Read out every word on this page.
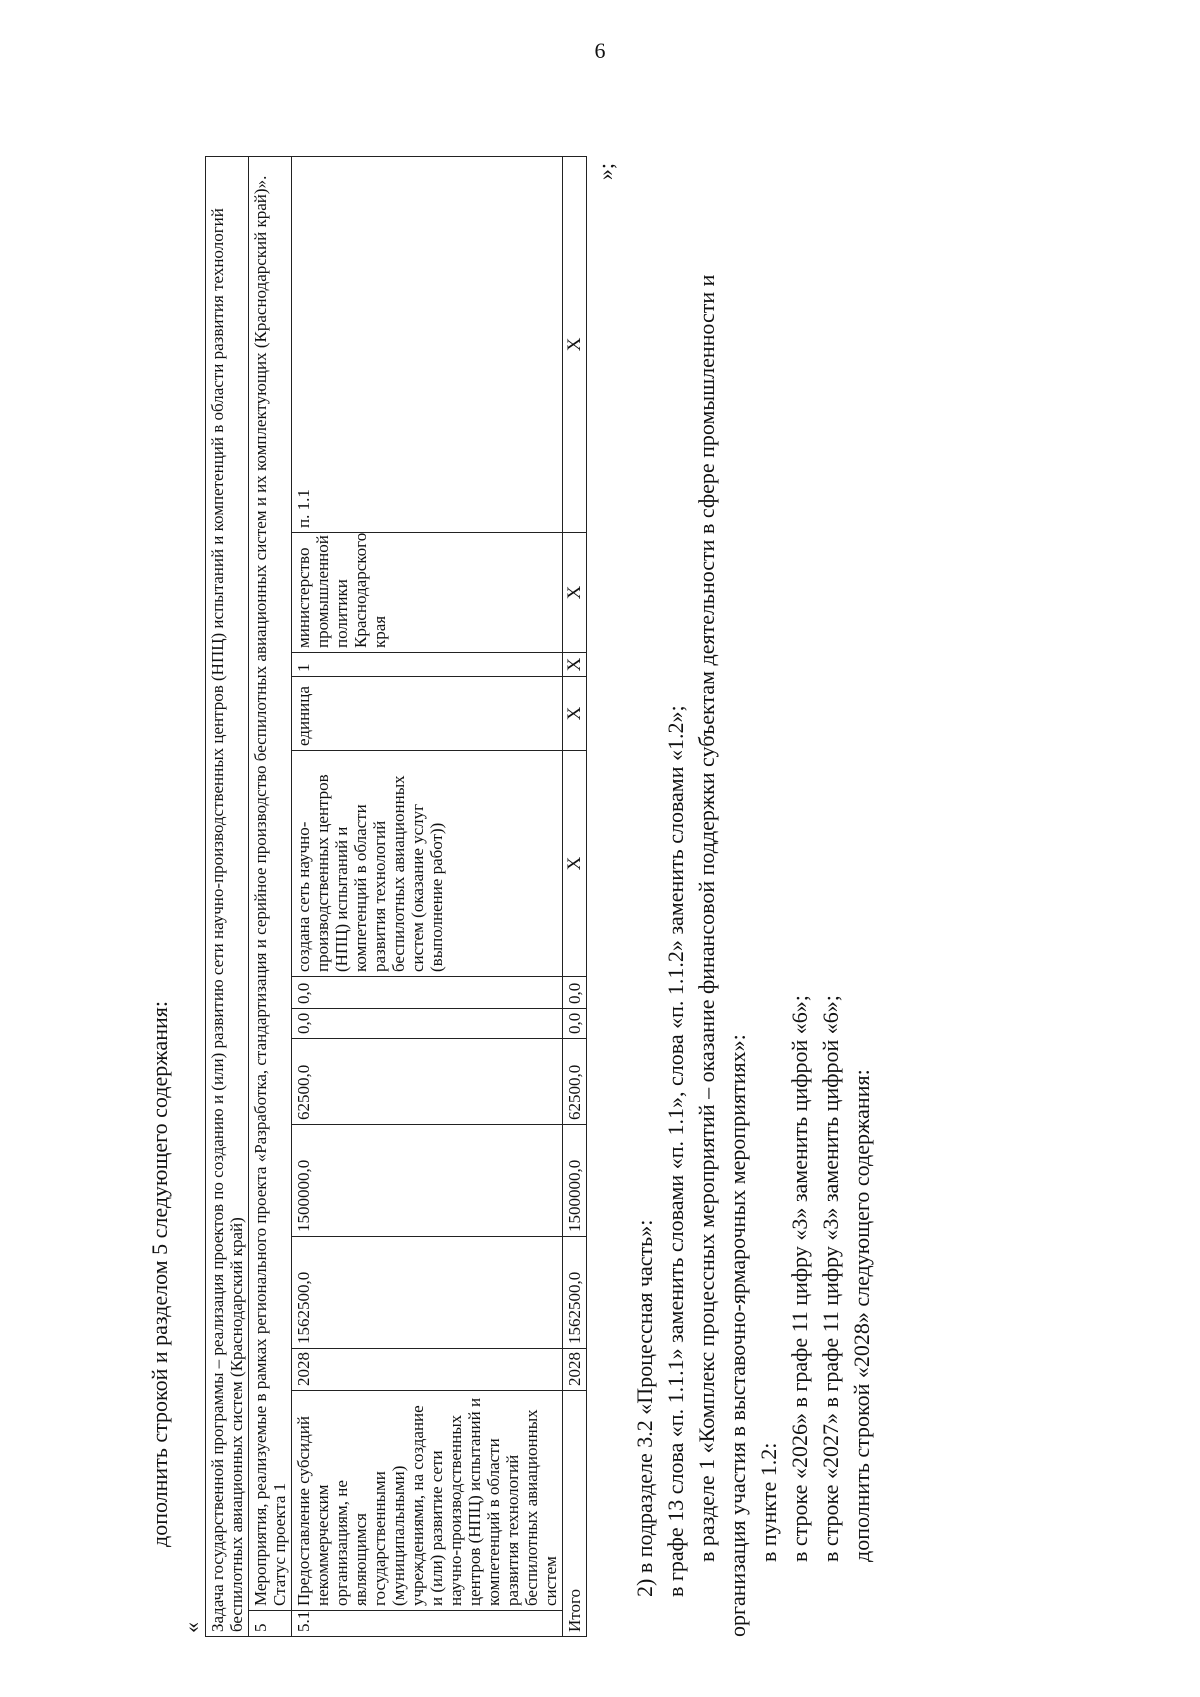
6
дополнить строкой и разделом 5 следующего содержания:
« Задача государственной программы – реализация проектов по созданию и (или) развитию сети научно-производственных центров (НПЦ) испытаний и компетенций в области развития технологий беспилотных авиационных систем (Краснодарский край)												
5	Мероприятия, реализуемые в рамках регионального проекта «Разработка, стандартизация и серийное производство беспилотных авиационных систем и их комплектующих (Краснодарский край)». Статус проекта 1											
5.1	Предоставление субсидий некоммерческим организациям, не являющимся государственными (муниципальными) учреждениями, на создание и (или) развитие сети научно-производственных центров (НПЦ) испытаний и компетенций в области развития технологий беспилотных авиационных систем	2028	1562500,0	1500000,0	62500,0	0,0	0,0	создана сеть научно-производственных центров (НПЦ) испытаний и компетенций в области развития технологий беспилотных авиационных систем (оказание услуг (выполнение работ))	единица	1	министерство промышленной политики Краснодарского края	п. 1.1
Итого		2028	1562500,0	1500000,0	62500,0	0,0	0,0	Х	Х	Х	Х	Х
»;

2) в подразделе 3.2 «Процессная часть»: в графе 13 слова «п. 1.1.1» заменить словами «п. 1.1», слова «п. 1.1.2» заменить словами «1.2»; в разделе 1 «Комплекс процессных мероприятий – оказание финансовой поддержки субъектам деятельности в сфере промышленности и организация участия в выставочно-ярмарочных мероприятиях»: в пункте 1.2: в строке «2026» в графе 11 цифру «3» заменить цифрой «6»; в строке «2027» в графе 11 цифру «3» заменить цифрой «6»; дополнить строкой «2028» следующего содержания:
